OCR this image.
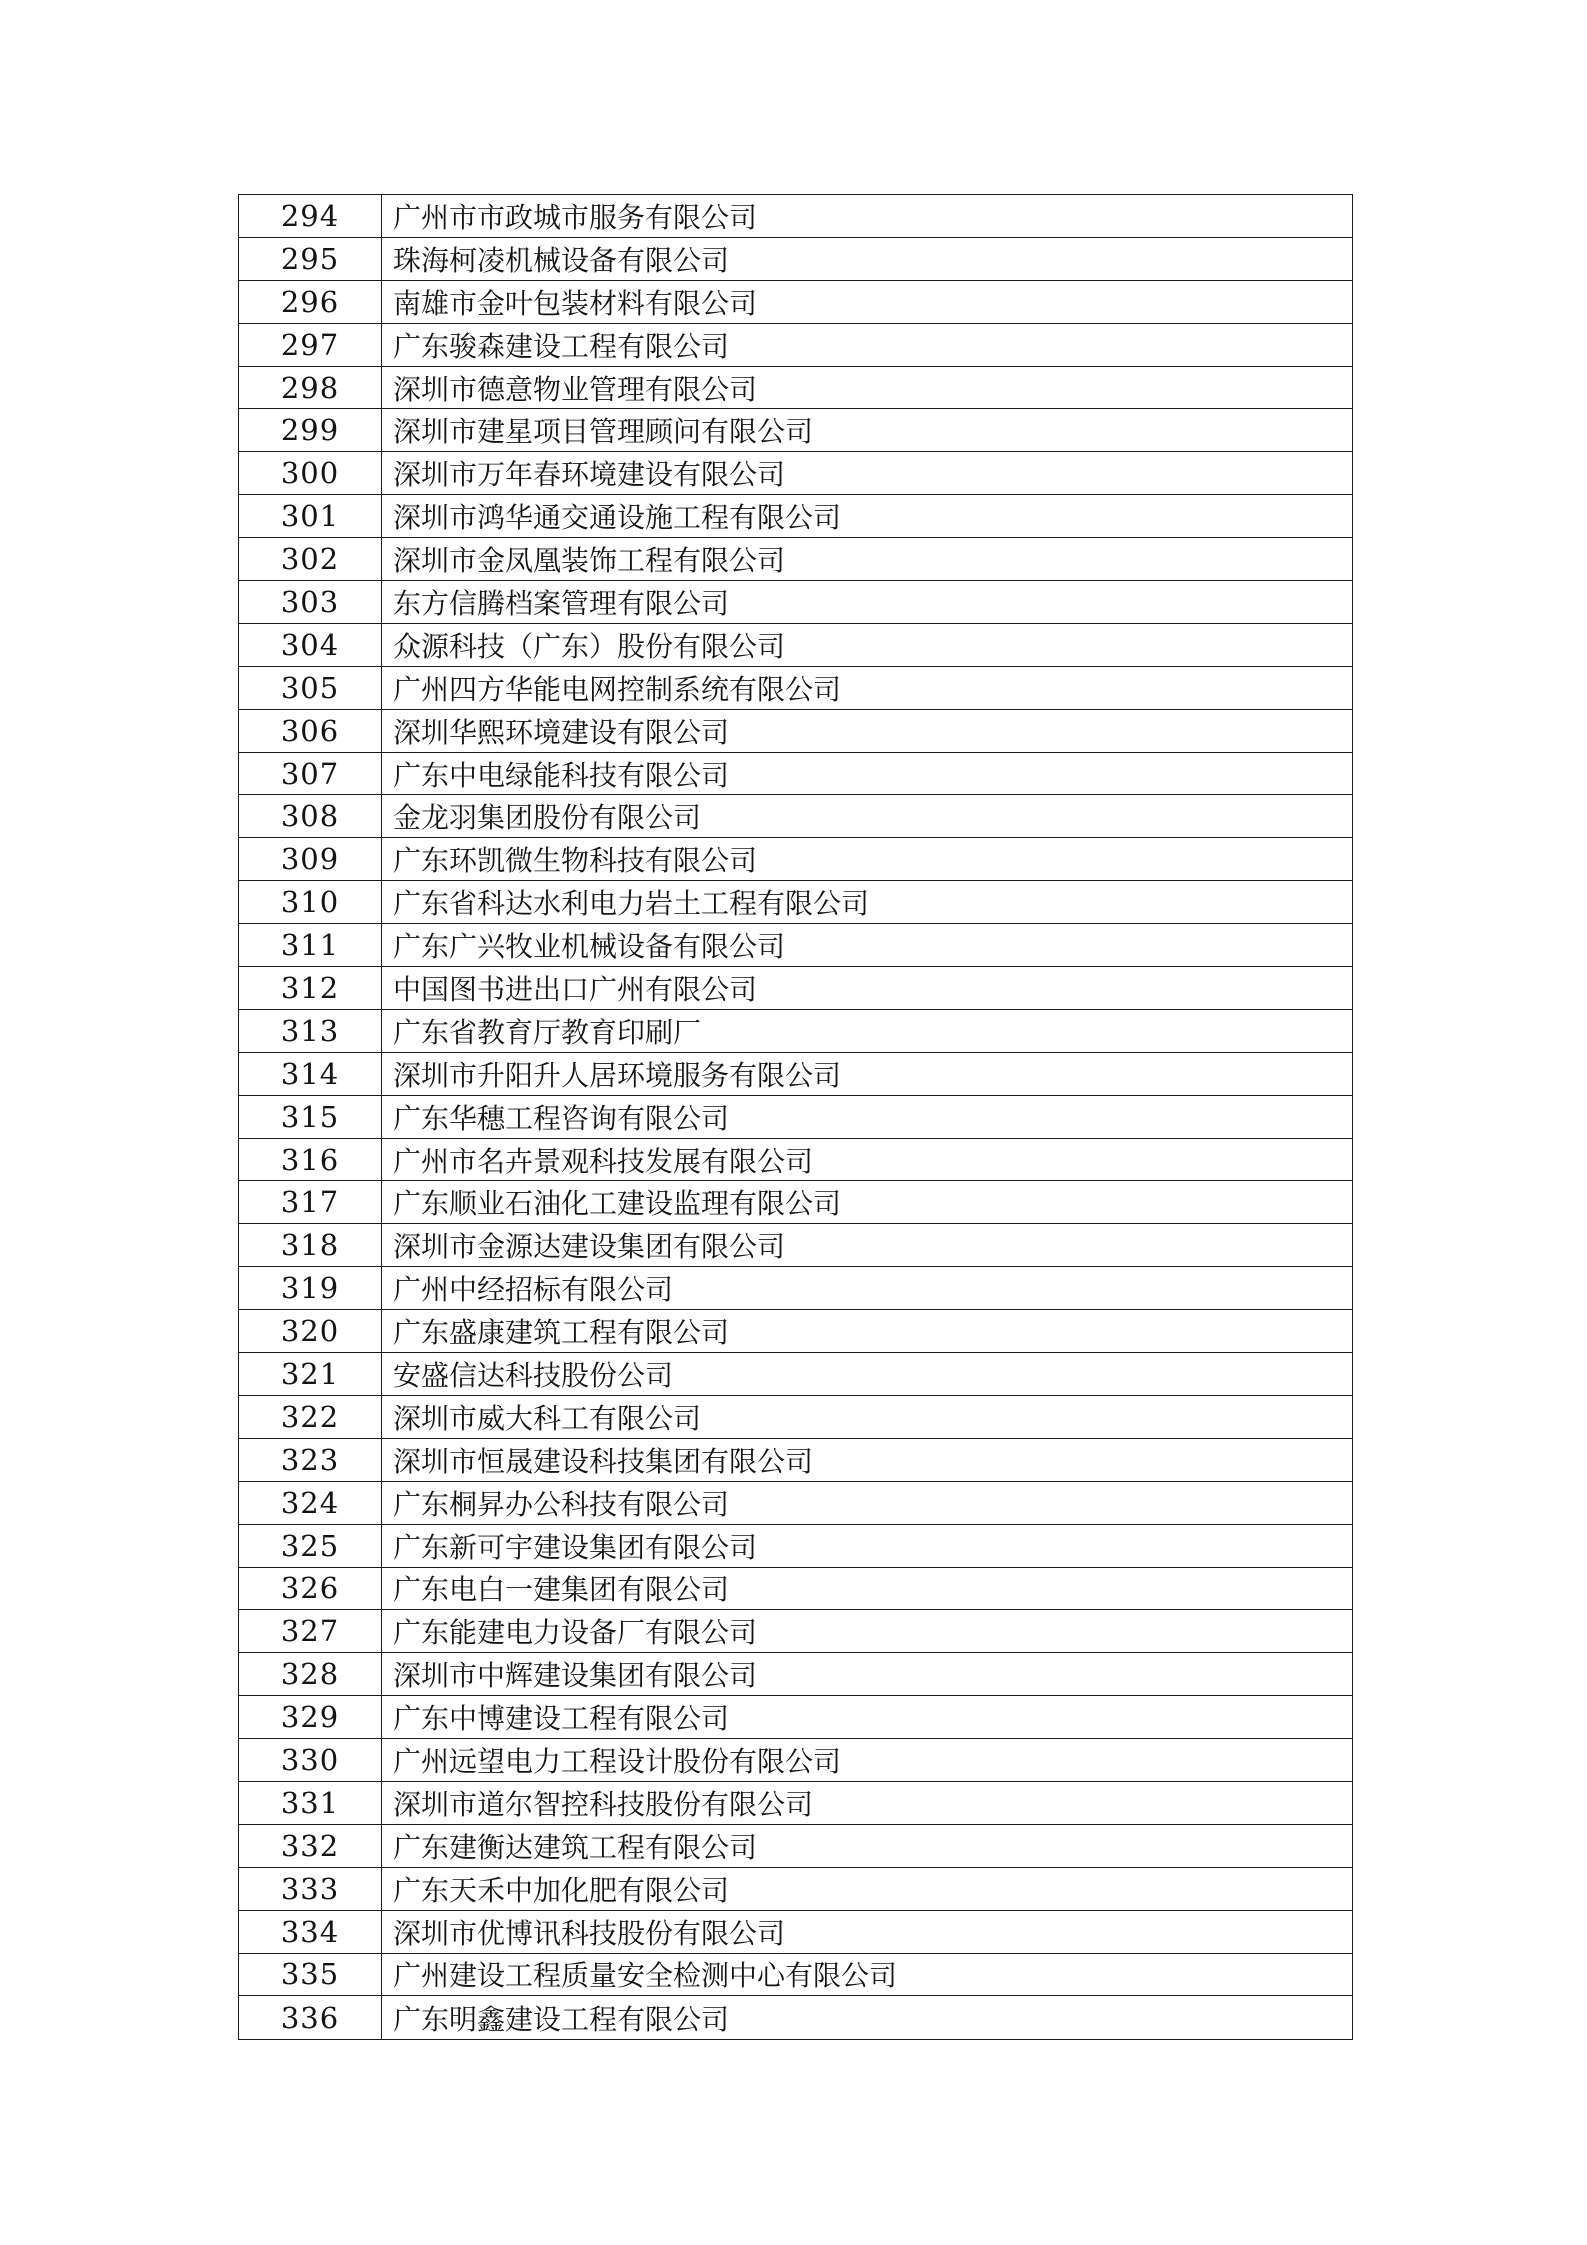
294	广州市市政城市服务有限公司
295	珠海柯凌机械设备有限公司
296	南雄市金叶包装材料有限公司
297	广东骏森建设工程有限公司
298	深圳市德意物业管理有限公司
299	深圳市建星项目管理顾问有限公司
300	深圳市万年春环境建设有限公司
301	深圳市鸿华通交通设施工程有限公司
302	深圳市金凤凰装饰工程有限公司
303	东方信腾档案管理有限公司
304	众源科技（广东）股份有限公司
305	广州四方华能电网控制系统有限公司
306	深圳华熙环境建设有限公司
307	广东中电绿能科技有限公司
308	金龙羽集团股份有限公司
309	广东环凯微生物科技有限公司
310	广东省科达水利电力岩土工程有限公司
311	广东广兴牧业机械设备有限公司
312	中国图书进出口广州有限公司
313	广东省教育厅教育印刷厂
314	深圳市升阳升人居环境服务有限公司
315	广东华穗工程咨询有限公司
316	广州市名卉景观科技发展有限公司
317	广东顺业石油化工建设监理有限公司
318	深圳市金源达建设集团有限公司
319	广州中经招标有限公司
320	广东盛康建筑工程有限公司
321	安盛信达科技股份公司
322	深圳市威大科工有限公司
323	深圳市恒晟建设科技集团有限公司
324	广东桐昇办公科技有限公司
325	广东新可宇建设集团有限公司
326	广东电白一建集团有限公司
327	广东能建电力设备厂有限公司
328	深圳市中辉建设集团有限公司
329	广东中博建设工程有限公司
330	广州远望电力工程设计股份有限公司
331	深圳市道尔智控科技股份有限公司
332	广东建衡达建筑工程有限公司
333	广东天禾中加化肥有限公司
334	深圳市优博讯科技股份有限公司
335	广州建设工程质量安全检测中心有限公司
336	广东明鑫建设工程有限公司
